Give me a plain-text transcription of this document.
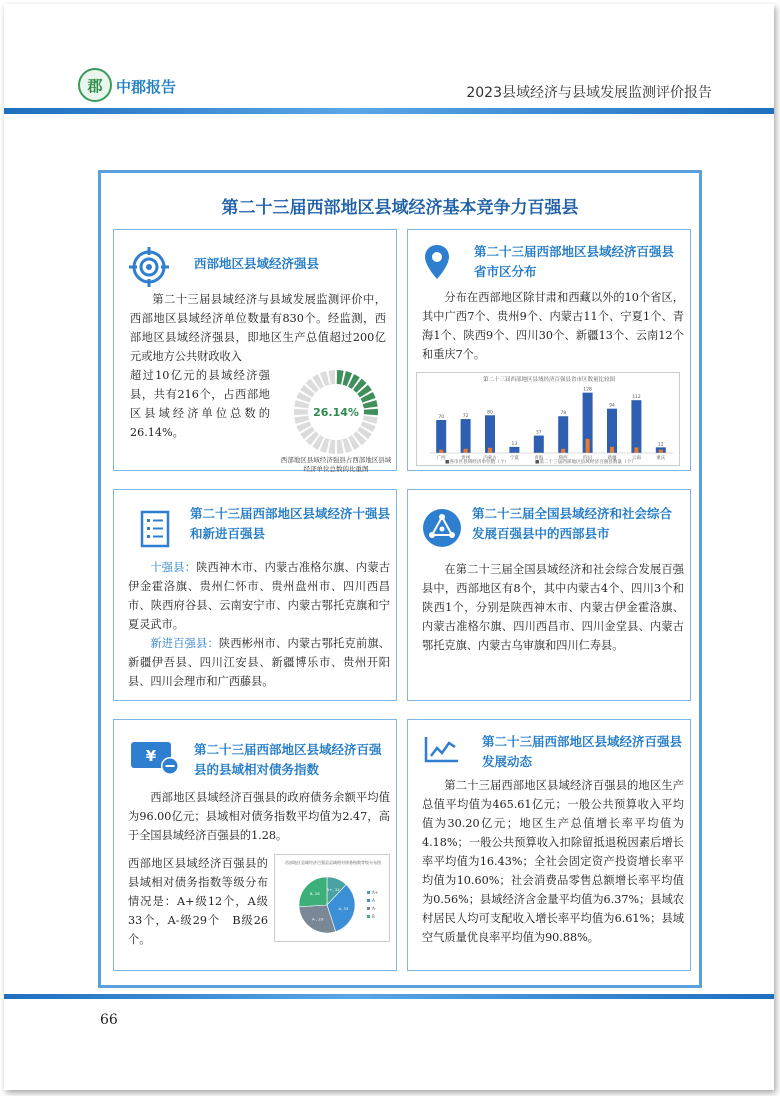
郡 中郡报告	2023县域经济与县域发展监测评价报告
第二十三届西部地区县域经济基本竞争力百强县
西部地区县域经济强县
第二十三届县域经济与县域发展监测评价中，西部地区县域经济单位数量有830个。经监测，西部地区县域经济强县，即地区生产总值超过200亿元或地方公共财政收入
超过10亿元的县域经济强县，共有216个，占西部地区县域经济单位总数的26.14%。
26.14%
西部地区县域经济强县占西部地区县域经济单位总数的比重图
第二十三届西部地区县域经济百强县省市区分布
分布在西部地区除甘肃和西藏以外的10个省区，其中广西7个、贵州9个、内蒙古11个、宁夏1个、青海1个、陕西9个、四川30个、新疆13个、云南12个和重庆7个。
第二十三届西部地区县域经济百强县省市区数量比较图
70
广西
72
贵州
80
内蒙古
13
宁夏
37
青海
78
陕西
128
四川
94
新疆
112
云南
12
重庆
■各市区县域经济单位数（个）	■第二十三届西部地区县域经济百强县数量（个）
第二十三届西部地区县域经济十强县和新进百强县
十强县：陕西神木市、内蒙古准格尔旗、内蒙古伊金霍洛旗、贵州仁怀市、贵州盘州市、四川西昌市、陕西府谷县、云南安宁市、内蒙古鄂托克旗和宁夏灵武市。
新进百强县：陕西彬州市、内蒙古鄂托克前旗、新疆伊吾县、四川江安县、新疆博乐市、贵州开阳县、四川会理市和广西藤县。
第二十三届全国县域经济和社会综合发展百强县中的西部县市
在第二十三届全国县域经济和社会综合发展百强县中，西部地区有8个，其中内蒙古4个、四川3个和陕西1个，分别是陕西神木市、内蒙古伊金霍洛旗、内蒙古准格尔旗、四川西昌市、四川金堂县、内蒙古鄂托克旗、内蒙古乌审旗和四川仁寿县。
¥	第二十三届西部地区县域经济百强县的县域相对债务指数
西部地区县域经济百强县的政府债务余额平均值为96.00亿元；县域相对债务指数平均值为2.47，高于全国县域经济百强县的1.28。
西部地区县域经济百强县的县域相对债务指数等级分布情况是：A+级12个，A级33个，A-级29个　B级26个。
西部地区县域经济百强县县域相对债务指数等级分布图
A+, 12
A, 33
A-, 29
B, 26	A+
A
A-
B
第二十三届西部地区县域经济百强县发展动态
第二十三届西部地区县域经济百强县的地区生产总值平均值为465.61亿元；一般公共预算收入平均值为30.20亿元；地区生产总值增长率平均值为4.18%；一般公共预算收入扣除留抵退税因素后增长率平均值为16.43%；全社会固定资产投资增长率平均值为10.60%；社会消费品零售总额增长率平均值为0.56%；县域经济含金量平均值为6.37%；县域农村居民人均可支配收入增长率平均值为6.61%；县域空气质量优良率平均值为90.88%。
66
